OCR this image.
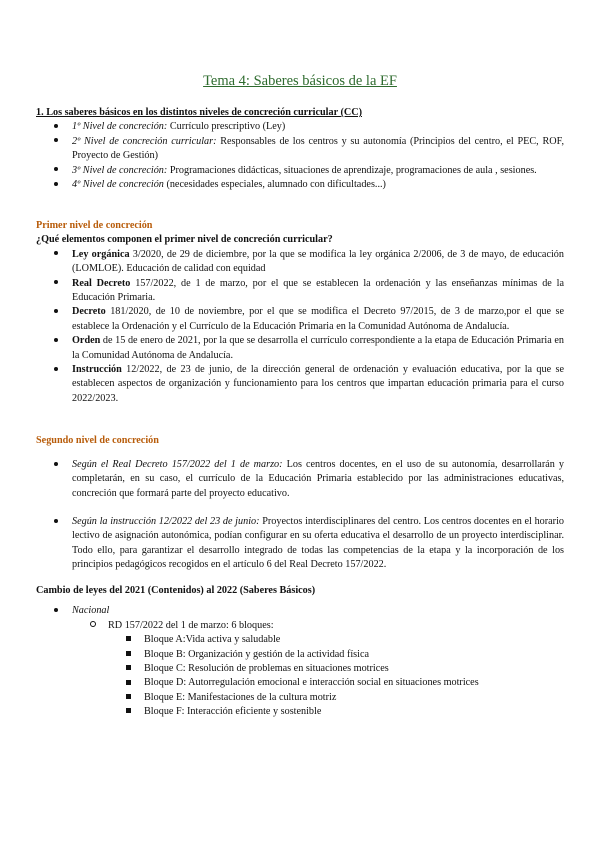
Tema 4: Saberes básicos de la EF
1. Los saberes básicos en los distintos niveles de concreción curricular (CC)
1º Nivel de concreción: Currículo prescriptivo (Ley)
2º Nivel de concreción curricular: Responsables de los centros y su autonomía (Principios del centro, el PEC, ROF, Proyecto de Gestión)
3º Nivel de concreción: Programaciones didácticas, situaciones de aprendizaje, programaciones de aula , sesiones.
4º Nivel de concreción (necesidades especiales, alumnado con dificultades...)
Primer nivel de concreción
¿Qué elementos componen el primer nivel de concreción curricular?
Ley orgánica 3/2020, de 29 de diciembre, por la que se modifica la ley orgánica 2/2006, de 3 de mayo, de educación (LOMLOE). Educación de calidad con equidad
Real Decreto 157/2022, de 1 de marzo, por el que se establecen la ordenación y las enseñanzas mínimas de la Educación Primaria.
Decreto 181/2020, de 10 de noviembre, por el que se modifica el Decreto 97/2015, de 3 de marzo,por el que se establece la Ordenación y el Currículo de la Educación Primaria en la Comunidad Autónoma de Andalucía.
Orden de 15 de enero de 2021, por la que se desarrolla el currículo correspondiente a la etapa de Educación Primaria en la Comunidad Autónoma de Andalucía.
Instrucción 12/2022, de 23 de junio, de la dirección general de ordenación y evaluación educativa, por la que se establecen aspectos de organización y funcionamiento para los centros que impartan educación primaria para el curso 2022/2023.
Segundo nivel de concreción
Según el Real Decreto 157/2022 del 1 de marzo: Los centros docentes, en el uso de su autonomía, desarrollarán y completarán, en su caso, el currículo de la Educación Primaria establecido por las administraciones educativas, concreción que formará parte del proyecto educativo.
Según la instrucción 12/2022 del 23 de junio: Proyectos interdisciplinares del centro. Los centros docentes en el horario lectivo de asignación autonómica, podían configurar en su oferta educativa el desarrollo de un proyecto interdisciplinar. Todo ello, para garantizar el desarrollo integrado de todas las competencias de la etapa y la incorporación de los principios pedagógicos recogidos en el artículo 6 del Real Decreto 157/2022.
Cambio de leyes del 2021 (Contenidos) al 2022 (Saberes Básicos)
Nacional
RD 157/2022 del 1 de marzo: 6 bloques:
Bloque A:Vida activa y saludable
Bloque B: Organización y gestión de la actividad física
Bloque C: Resolución de problemas en situaciones motrices
Bloque D: Autorregulación emocional e interacción social en situaciones motrices
Bloque E: Manifestaciones de la cultura motriz
Bloque F: Interacción eficiente y sostenible
